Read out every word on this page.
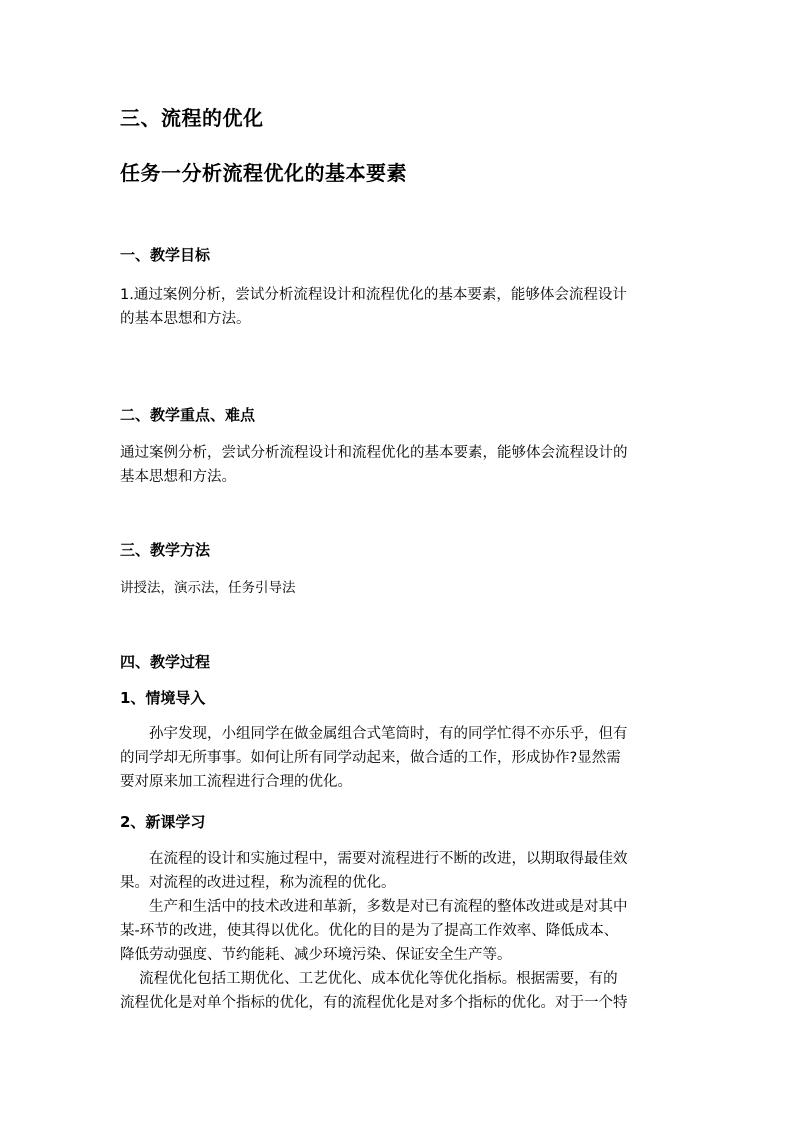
三、流程的优化
任务一分析流程优化的基本要素
一、教学目标
1.通过案例分析，尝试分析流程设计和流程优化的基本要素，能够体会流程设计
的基本思想和方法。
二、教学重点、难点
通过案例分析，尝试分析流程设计和流程优化的基本要素，能够体会流程设计的
基本思想和方法。
三、教学方法

讲授法，演示法，任务引导法

四、教学过程
1、情境导入
　　孙宇发现，小组同学在做金属组合式笔筒时，有的同学忙得不亦乐乎，但有
的同学却无所事事。如何让所有同学动起来，做合适的工作，形成协作?显然需
要对原来加工流程进行合理的优化。
2、新课学习
　　在流程的设计和实施过程中，需要对流程进行不断的改进，以期取得最佳效
果。对流程的改进过程，称为流程的优化。
　　生产和生活中的技术改进和革新，多数是对已有流程的整体改进或是对其中
某-环节的改进，使其得以优化。优化的目的是为了提高工作效率、降低成本、
降低劳动强度、节约能耗、减少环境污染、保证安全生产等。
　 流程优化包括工期优化、工艺优化、成本优化等优化指标。根据需要，有的
流程优化是对单个指标的优化，有的流程优化是对多个指标的优化。对于一个特
